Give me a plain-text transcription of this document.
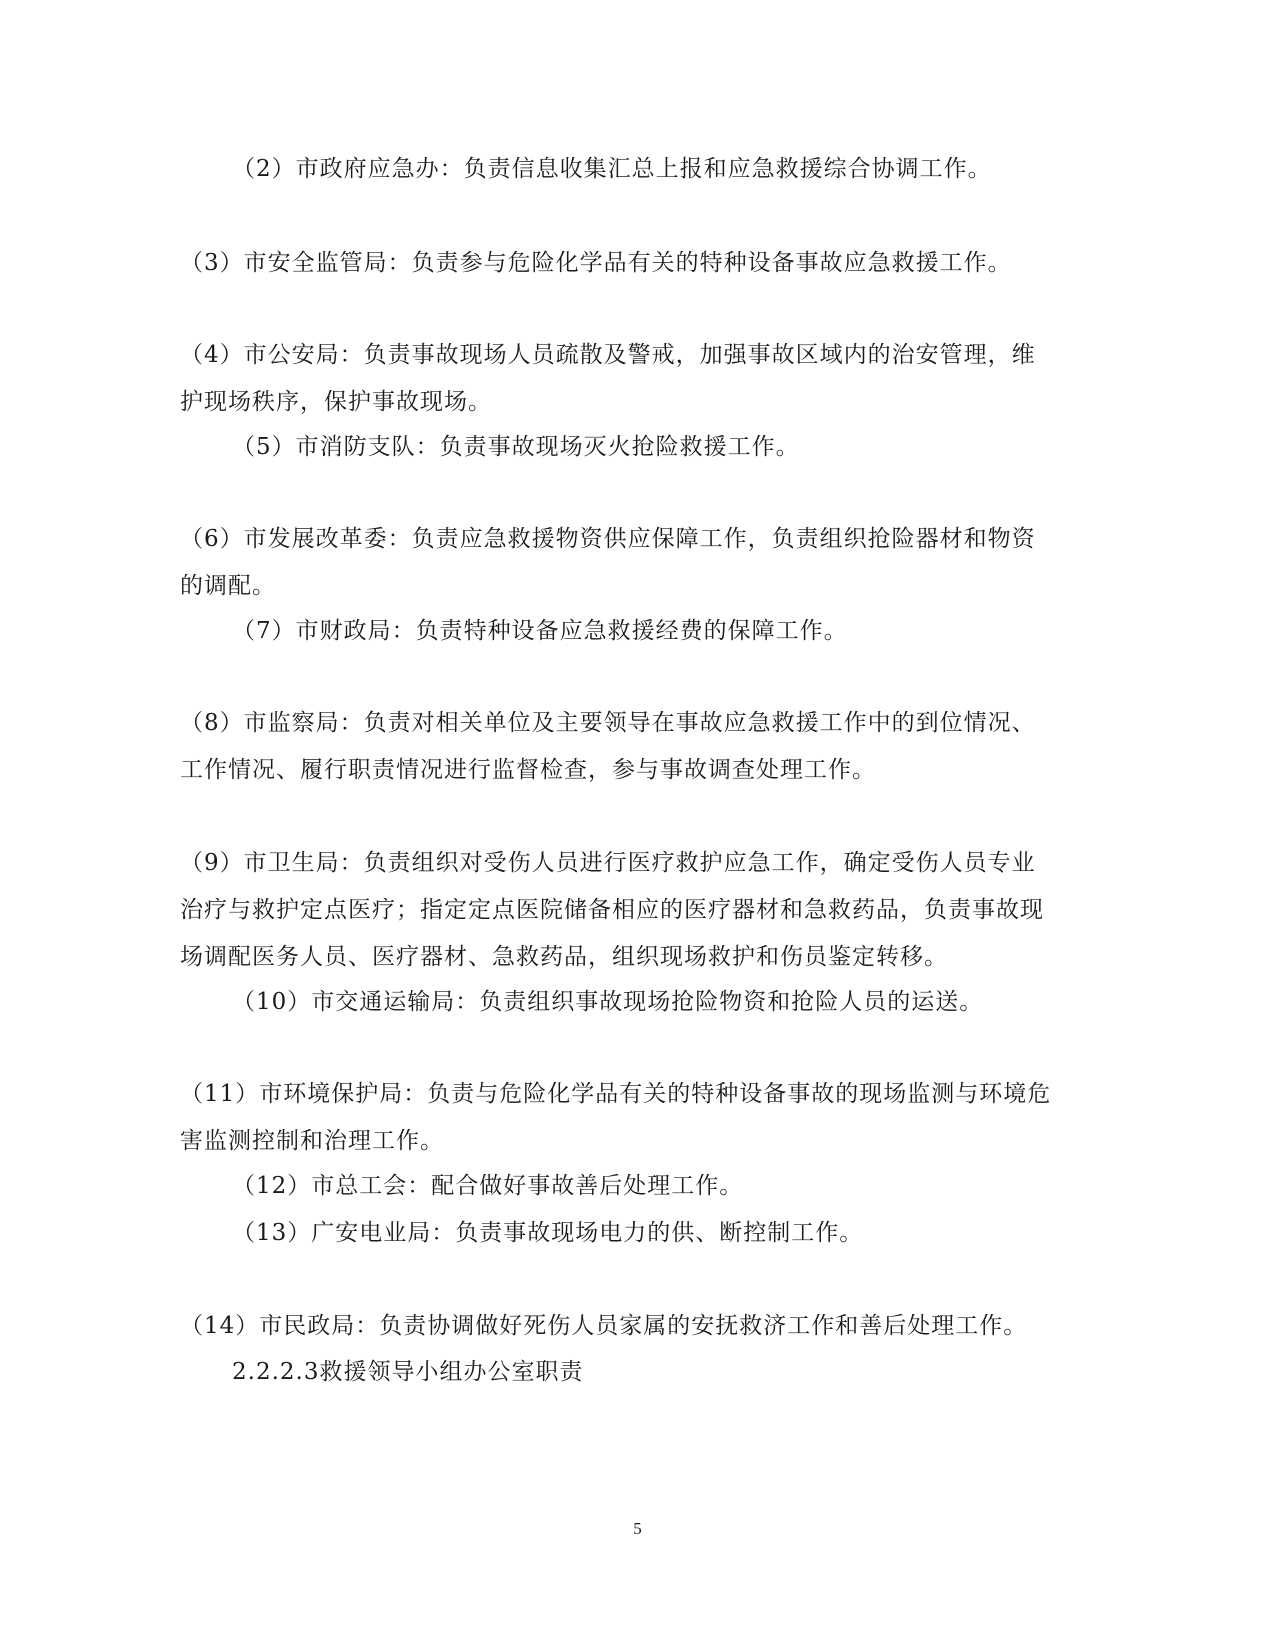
（2）市政府应急办：负责信息收集汇总上报和应急救援综合协调工作。
（3）市安全监管局：负责参与危险化学品有关的特种设备事故应急救援工作。
（4）市公安局：负责事故现场人员疏散及警戒，加强事故区域内的治安管理，维
护现场秩序，保护事故现场。
（5）市消防支队：负责事故现场灭火抢险救援工作。
（6）市发展改革委：负责应急救援物资供应保障工作，负责组织抢险器材和物资
的调配。
（7）市财政局：负责特种设备应急救援经费的保障工作。
（8）市监察局：负责对相关单位及主要领导在事故应急救援工作中的到位情况、
工作情况、履行职责情况进行监督检查，参与事故调查处理工作。
（9）市卫生局：负责组织对受伤人员进行医疗救护应急工作，确定受伤人员专业
治疗与救护定点医疗；指定定点医院储备相应的医疗器材和急救药品，负责事故现
场调配医务人员、医疗器材、急救药品，组织现场救护和伤员鉴定转移。
（10）市交通运输局：负责组织事故现场抢险物资和抢险人员的运送。
（11）市环境保护局：负责与危险化学品有关的特种设备事故的现场监测与环境危
害监测控制和治理工作。
（12）市总工会：配合做好事故善后处理工作。
（13）广安电业局：负责事故现场电力的供、断控制工作。
（14）市民政局：负责协调做好死伤人员家属的安抚救济工作和善后处理工作。
2.2.2.3救援领导小组办公室职责
5
